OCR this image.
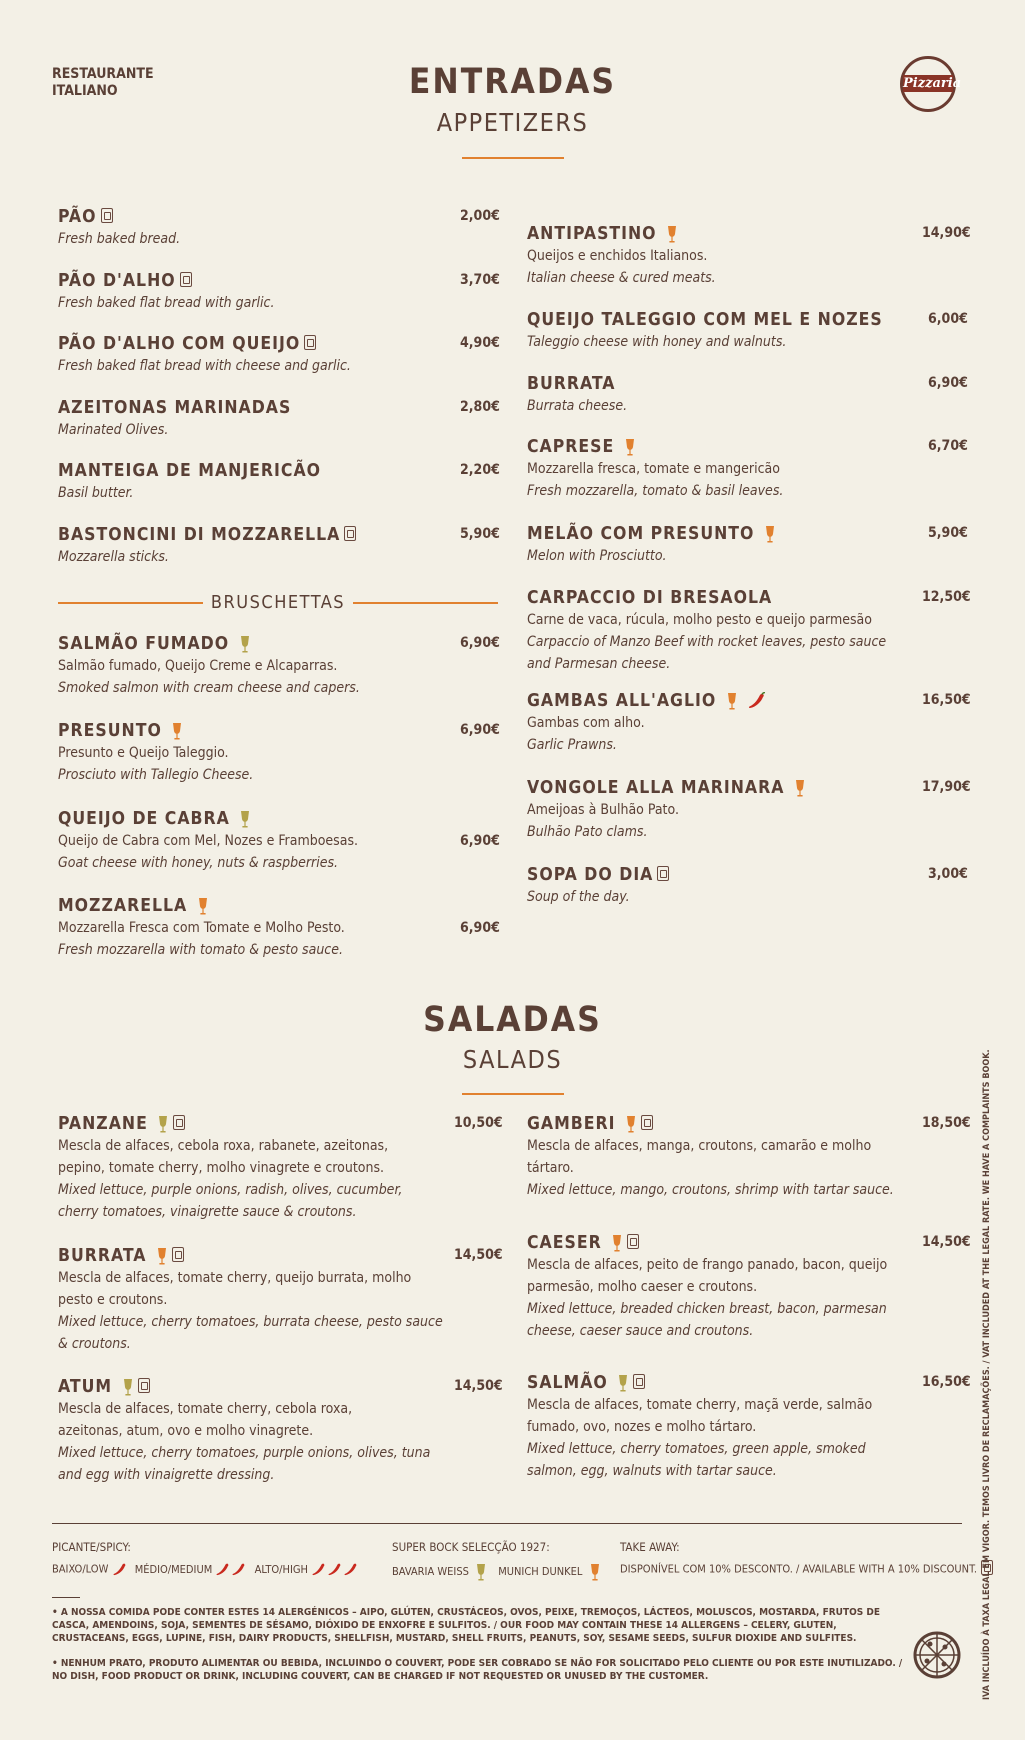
RESTAURANTE
ITALIANO	Pizzaria
ENTRADAS
APPETIZERS
PÃO
Fresh baked bread.
2,00€
PÃO D'ALHO
Fresh baked flat bread with garlic.
3,70€
PÃO D'ALHO COM QUEIJO
Fresh baked flat bread with cheese and garlic.
4,90€
AZEITONAS MARINADAS
Marinated Olives.
2,80€
MANTEIGA DE MANJERICÃO
Basil butter.
2,20€
BASTONCINI DI MOZZARELLA
Mozzarella sticks.
5,90€
BRUSCHETTAS
SALMÃO FUMADO
Salmão fumado, Queijo Creme e Alcaparras.
Smoked salmon with cream cheese and capers.
6,90€
PRESUNTO
Presunto e Queijo Taleggio.
Prosciuto with Tallegio Cheese.
6,90€
QUEIJO DE CABRA
Queijo de Cabra com Mel, Nozes e Framboesas.
Goat cheese with honey, nuts & raspberries.
6,90€
MOZZARELLA
Mozzarella Fresca com Tomate e Molho Pesto.
Fresh mozzarella with tomato & pesto sauce.
6,90€
ANTIPASTINO
Queijos e enchidos Italianos.
Italian cheese & cured meats.
14,90€
QUEIJO TALEGGIO COM MEL E NOZES
Taleggio cheese with honey and walnuts.
6,00€
BURRATA
Burrata cheese.
6,90€
CAPRESE
Mozzarella fresca, tomate e mangericão
Fresh mozzarella, tomato & basil leaves.
6,70€
MELÃO COM PRESUNTO
Melon with Prosciutto.
5,90€
CARPACCIO DI BRESAOLA
Carne de vaca, rúcula, molho pesto e queijo parmesão
Carpaccio of Manzo Beef with rocket leaves, pesto sauce
and Parmesan cheese.
12,50€
GAMBAS ALL'AGLIO
Gambas com alho.
Garlic Prawns.
16,50€
VONGOLE ALLA MARINARA
Ameijoas à Bulhão Pato.
Bulhão Pato clams.
17,90€
SOPA DO DIA
Soup of the day.
3,00€
SALADAS
SALADS
PANZANE
Mescla de alfaces, cebola roxa, rabanete, azeitonas,
pepino, tomate cherry, molho vinagrete e croutons.
Mixed lettuce, purple onions, radish, olives, cucumber,
cherry tomatoes, vinaigrette sauce & croutons.
10,50€
BURRATA
Mescla de alfaces, tomate cherry, queijo burrata, molho
pesto e croutons.
Mixed lettuce, cherry tomatoes, burrata cheese, pesto sauce
& croutons.
14,50€
ATUM
Mescla de alfaces, tomate cherry, cebola roxa,
azeitonas, atum, ovo e molho vinagrete.
Mixed lettuce, cherry tomatoes, purple onions, olives, tuna
and egg with vinaigrette dressing.
14,50€
GAMBERI
Mescla de alfaces, manga, croutons, camarão e molho
tártaro.
Mixed lettuce, mango, croutons, shrimp with tartar sauce.
18,50€
CAESER
Mescla de alfaces, peito de frango panado, bacon, queijo
parmesão, molho caeser e croutons.
Mixed lettuce, breaded chicken breast, bacon, parmesan
cheese, caeser sauce and croutons.
14,50€
SALMÃO
Mescla de alfaces, tomate cherry, maçã verde, salmão
fumado, ovo, nozes e molho tártaro.
Mixed lettuce, cherry tomatoes, green apple, smoked
salmon, egg, walnuts with tartar sauce.
16,50€
PICANTE/SPICY:
BAIXO/LOW MÉDIO/MEDIUM	ALTO/HIGH
SUPER BOCK SELECÇÃO 1927:
BAVARIA WEISS	MUNICH DUNKEL
TAKE AWAY:
DISPONÍVEL COM 10% DESCONTO. / AVAILABLE WITH A 10% DISCOUNT.
• A NOSSA COMIDA PODE CONTER ESTES 14 ALERGÉNICOS – AIPO, GLÚTEN, CRUSTÁCEOS, OVOS, PEIXE, TREMOÇOS, LÁCTEOS, MOLUSCOS, MOSTARDA, FRUTOS DE CASCA, AMENDOINS, SOJA, SEMENTES DE SÉSAMO, DIÓXIDO DE ENXOFRE E SULFITOS. / OUR FOOD MAY CONTAIN THESE 14 ALLERGENS – CELERY, GLUTEN, CRUSTACEANS, EGGS, LUPINE, FISH, DAIRY PRODUCTS, SHELLFISH, MUSTARD, SHELL FRUITS, PEANUTS, SOY, SESAME SEEDS, SULFUR DIOXIDE AND SULFITES.
• NENHUM PRATO, PRODUTO ALIMENTAR OU BEBIDA, INCLUINDO O COUVERT, PODE SER COBRADO SE NÃO FOR SOLICITADO PELO CLIENTE OU POR ESTE INUTILIZADO. / NO DISH, FOOD PRODUCT OR DRINK, INCLUDING COUVERT, CAN BE CHARGED IF NOT REQUESTED OR UNUSED BY THE CUSTOMER.	IVA INCLUÍDO À TAXA LEGAL EM VIGOR. TEMOS LIVRO DE RECLAMAÇÕES. / VAT INCLUDED AT THE LEGAL RATE. WE HAVE A COMPLAINTS BOOK.
